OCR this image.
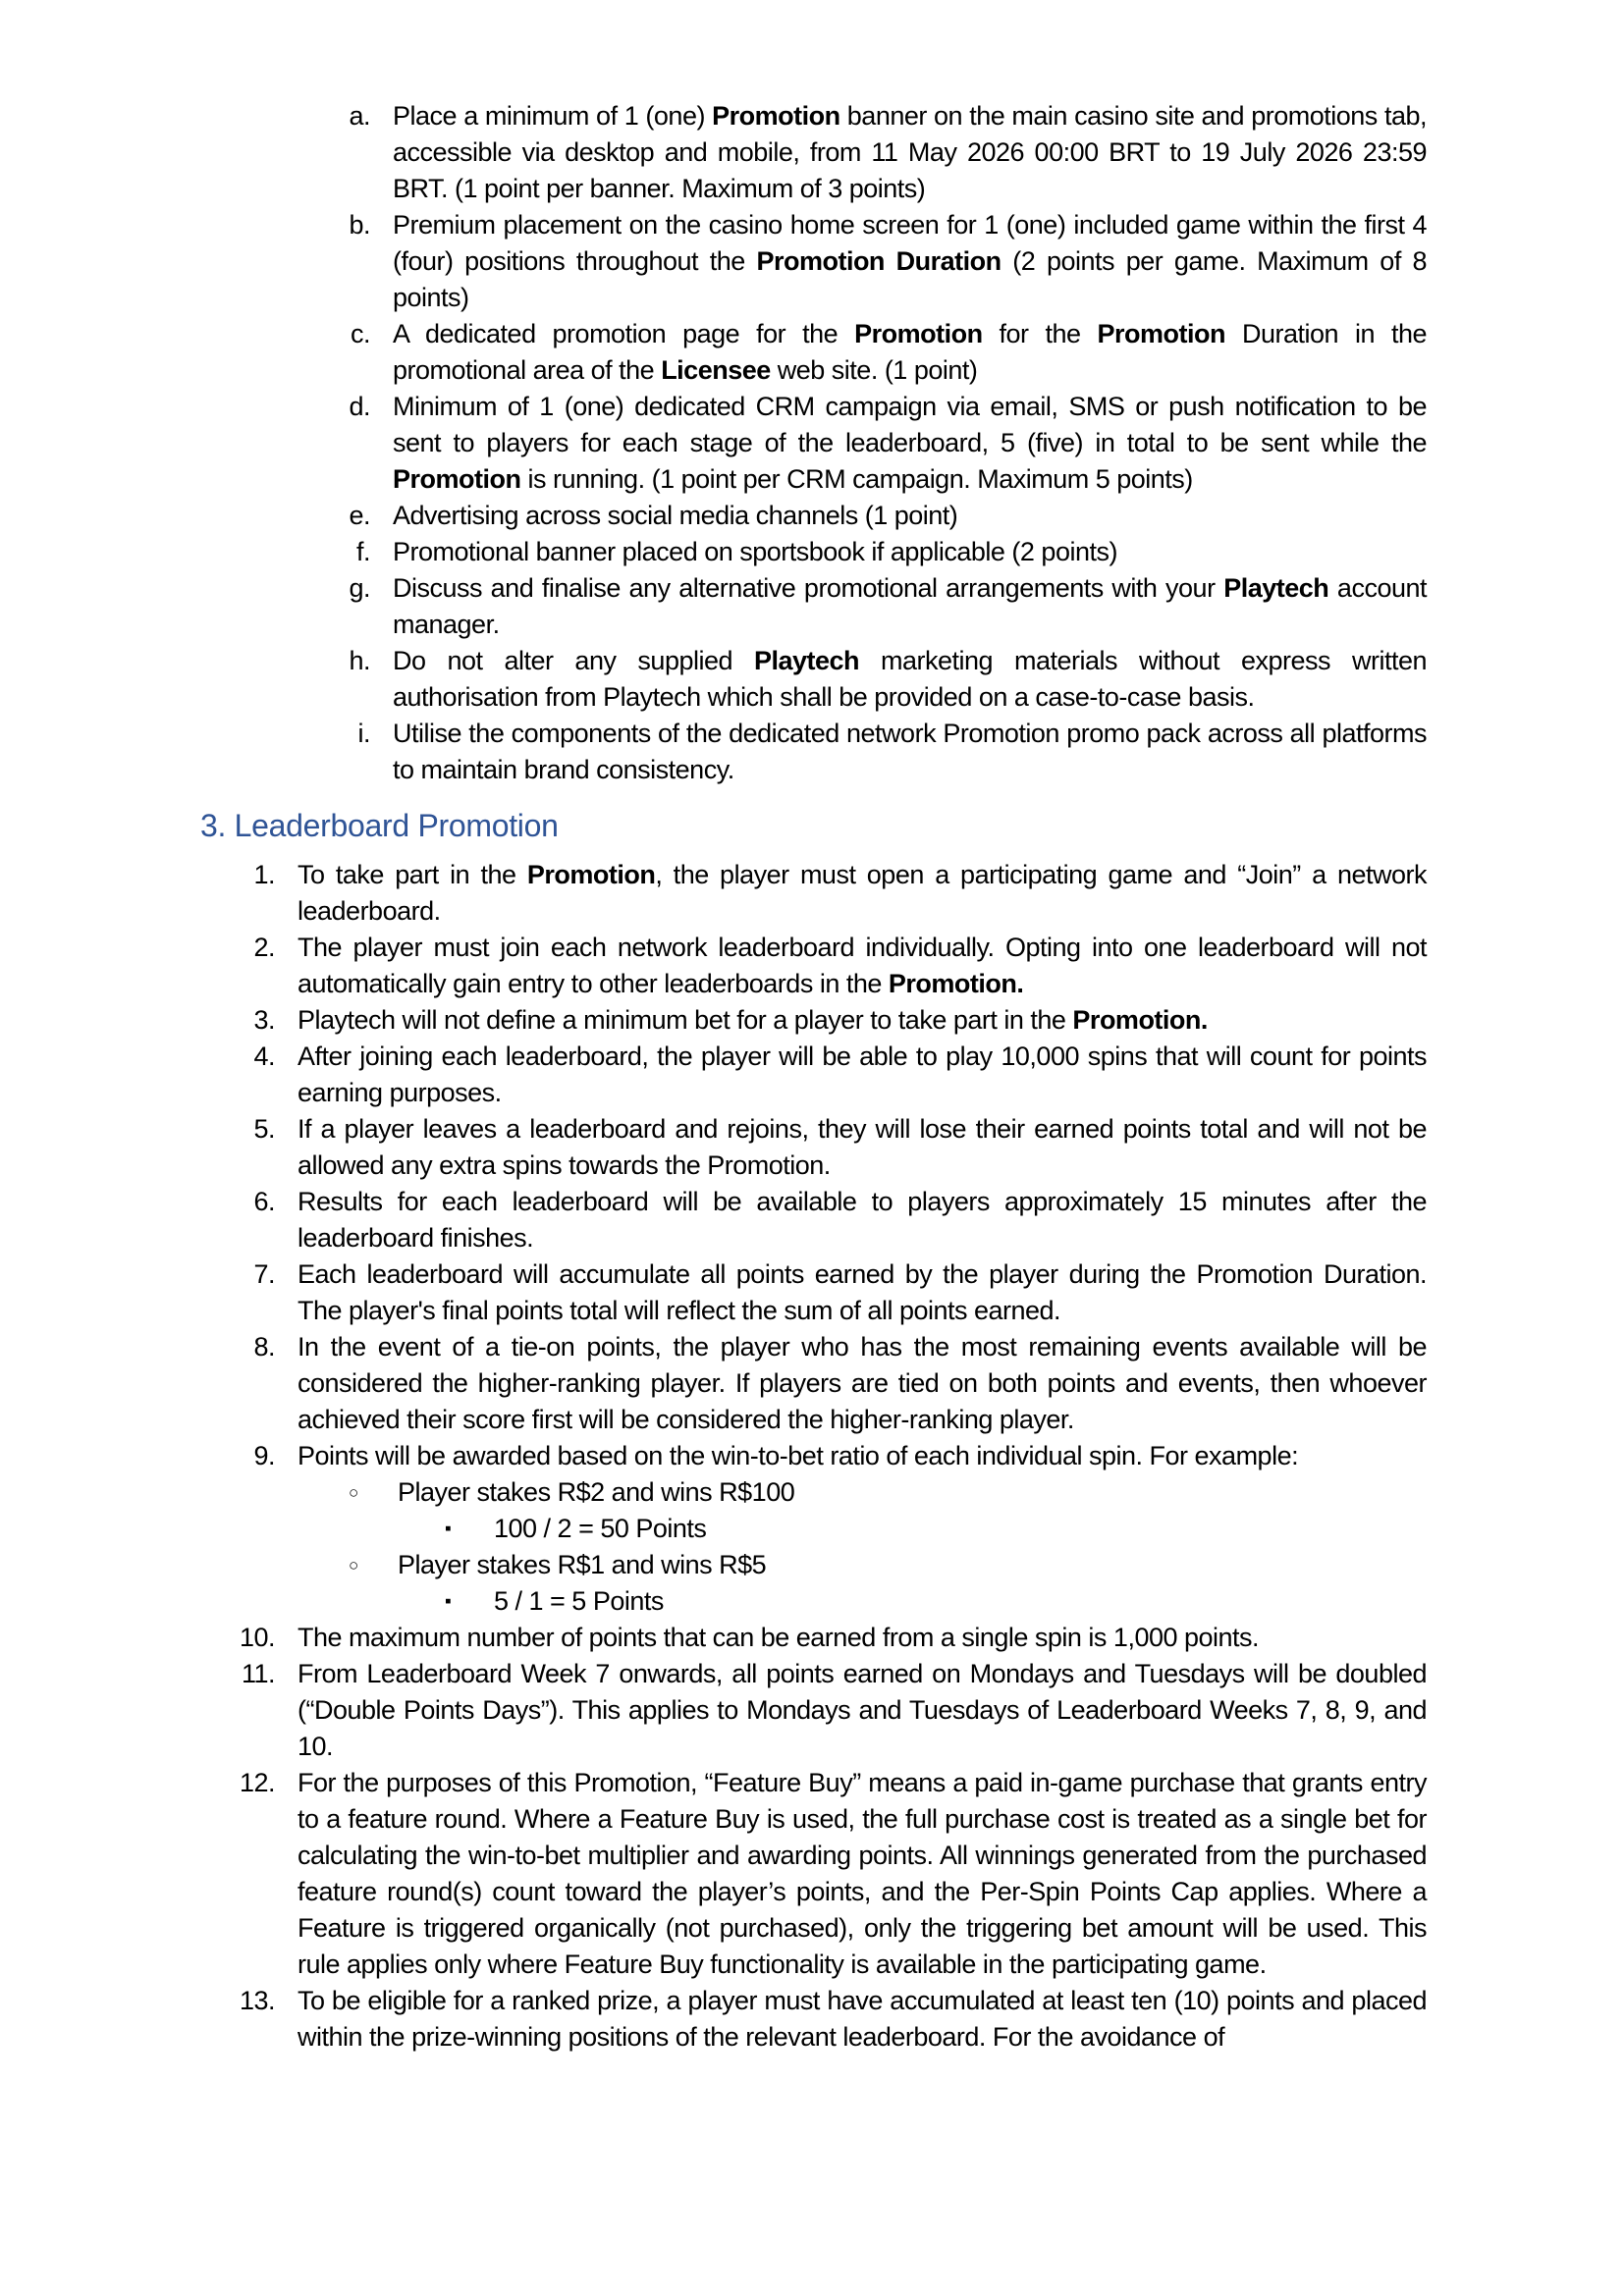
a. Place a minimum of 1 (one) Promotion banner on the main casino site and promotions tab, accessible via desktop and mobile, from 11 May 2026 00:00 BRT to 19 July 2026 23:59 BRT. (1 point per banner. Maximum of 3 points)
b. Premium placement on the casino home screen for 1 (one) included game within the first 4 (four) positions throughout the Promotion Duration (2 points per game. Maximum of 8 points)
c. A dedicated promotion page for the Promotion for the Promotion Duration in the promotional area of the Licensee web site. (1 point)
d. Minimum of 1 (one) dedicated CRM campaign via email, SMS or push notification to be sent to players for each stage of the leaderboard, 5 (five) in total to be sent while the Promotion is running. (1 point per CRM campaign. Maximum 5 points)
e. Advertising across social media channels (1 point)
f. Promotional banner placed on sportsbook if applicable (2 points)
g. Discuss and finalise any alternative promotional arrangements with your Playtech account manager.
h. Do not alter any supplied Playtech marketing materials without express written authorisation from Playtech which shall be provided on a case-to-case basis.
i. Utilise the components of the dedicated network Promotion promo pack across all platforms to maintain brand consistency.
3. Leaderboard Promotion
1. To take part in the Promotion, the player must open a participating game and “Join” a network leaderboard.
2. The player must join each network leaderboard individually. Opting into one leaderboard will not automatically gain entry to other leaderboards in the Promotion.
3. Playtech will not define a minimum bet for a player to take part in the Promotion.
4. After joining each leaderboard, the player will be able to play 10,000 spins that will count for points earning purposes.
5. If a player leaves a leaderboard and rejoins, they will lose their earned points total and will not be allowed any extra spins towards the Promotion.
6. Results for each leaderboard will be available to players approximately 15 minutes after the leaderboard finishes.
7. Each leaderboard will accumulate all points earned by the player during the Promotion Duration. The player's final points total will reflect the sum of all points earned.
8. In the event of a tie-on points, the player who has the most remaining events available will be considered the higher-ranking player. If players are tied on both points and events, then whoever achieved their score first will be considered the higher-ranking player.
9. Points will be awarded based on the win-to-bet ratio of each individual spin. For example:
○ Player stakes R$2 and wins R$100
▪ 100 / 2 = 50 Points
○ Player stakes R$1 and wins R$5
▪ 5 / 1 = 5 Points
10. The maximum number of points that can be earned from a single spin is 1,000 points.
11. From Leaderboard Week 7 onwards, all points earned on Mondays and Tuesdays will be doubled (“Double Points Days”). This applies to Mondays and Tuesdays of Leaderboard Weeks 7, 8, 9, and 10.
12. For the purposes of this Promotion, “Feature Buy” means a paid in-game purchase that grants entry to a feature round. Where a Feature Buy is used, the full purchase cost is treated as a single bet for calculating the win-to-bet multiplier and awarding points. All winnings generated from the purchased feature round(s) count toward the player’s points, and the Per-Spin Points Cap applies. Where a Feature is triggered organically (not purchased), only the triggering bet amount will be used. This rule applies only where Feature Buy functionality is available in the participating game.
13. To be eligible for a ranked prize, a player must have accumulated at least ten (10) points and placed within the prize-winning positions of the relevant leaderboard. For the avoidance of
